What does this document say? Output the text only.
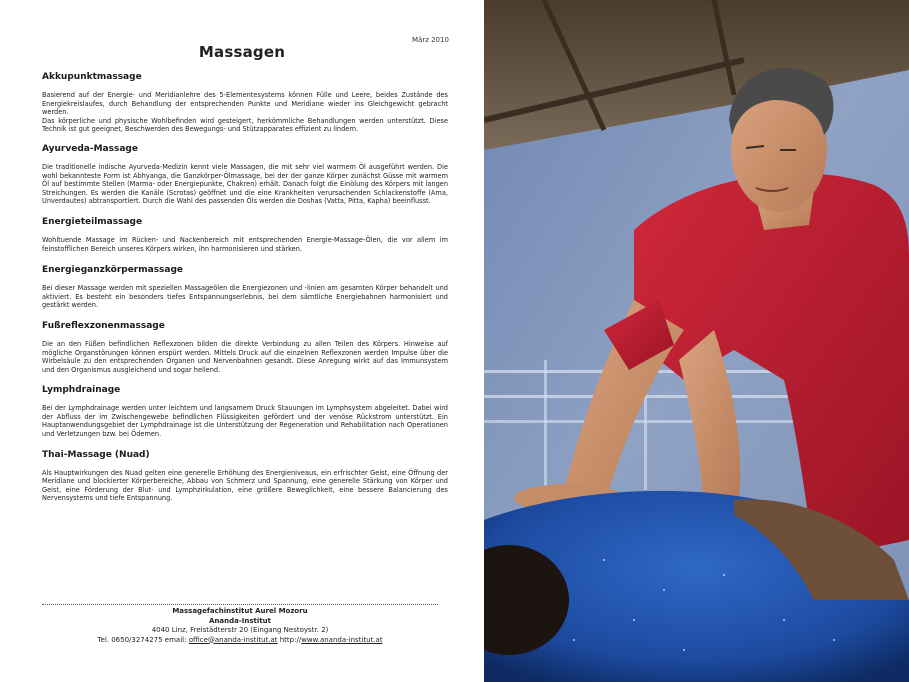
März 2010
Massagen
Akkupunktmassage

Basierend auf der Energie- und Meridianlehre des 5-Elementesystems können Fülle und Leere, beides Zustände des Energiekreislaufes, durch Behandlung der entsprechenden Punkte und Meridiane wieder ins Gleichgewicht gebracht werden.
Das körperliche und physische Wohlbefinden wird gesteigert, herkömmliche Behandlungen werden unterstützt. Diese Technik ist gut geeignet, Beschwerden des Bewegungs- und Stützapparates effizient zu lindern.

Ayurveda-Massage

Die traditionelle indische Ayurveda-Medizin kennt viele Massagen, die mit sehr viel warmem Öl ausgeführt werden. Die wohl bekannteste Form ist Abhyanga, die Ganzkörper-Ölmassage, bei der der ganze Körper zunächst Güsse mit warmem Öl auf bestimmte Stellen (Marma- oder Energiepunkte, Chakren) erhält. Danach folgt die Einölung des Körpers mit langen Streichungen. Es werden die Kanäle (Scrotas) geöffnet und die eine Krankheiten verursachenden Schlackenstoffe (Ama, Unverdautes) abtransportiert. Durch die Wahl des passenden Öls werden die Doshas (Vatta, Pitta, Kapha) beeinflusst.

Energieteilmassage

Wohltuende Massage im Rücken- und Nackenbereich mit entsprechenden Energie-Massage-Ölen, die vor allem im feinstofflichen Bereich unseres Körpers wirken, ihn harmonisieren und stärken.

Energieganzkörpermassage

Bei dieser Massage werden mit speziellen Massageölen die Energiezonen und -linien am gesamten Körper behandelt und aktiviert. Es besteht ein besonders tiefes Entspannungserlebnis, bei dem sämtliche Energiebahnen harmonisiert und gestärkt werden.

Fußreflexzonenmassage

Die an den Füßen befindlichen Reflexzonen bilden die direkte Verbindung zu allen Teilen des Körpers. Hinweise auf mögliche Organstörungen können erspürt werden. Mittels Druck auf die einzelnen Reflexzonen werden Impulse über die Wirbelsäule zu den entsprechenden Organen und Nervenbahnen gesandt. Diese Anregung wirkt auf das Immunsystem und den Organismus ausgleichend und sogar heilend.

Lymphdrainage

Bei der Lymphdrainage werden unter leichtem und langsamem Druck Stauungen im Lymphsystem abgeleitet. Dabei wird der Abfluss der im Zwischengewebe befindlichen Flüssigkeiten gefördert und der venöse Rückstrom unterstützt. Ein Hauptanwendungsgebiet der Lymphdrainage ist die Unterstützung der Regeneration und Rehabilitation nach Operationen und Verletzungen bzw. bei Ödemen.

Thai-Massage (Nuad)

Als Hauptwirkungen des Nuad gelten eine generelle Erhöhung des Energieniveaus, ein erfrischter Geist, eine Öffnung der Meridiane und blockierter Körperbereiche, Abbau von Schmerz und Spannung, eine generelle Stärkung von Körper und Geist, eine Förderung der Blut- und Lymphzirkulation, eine größere Beweglichkeit, eine bessere Balancierung des Nervensystems und tiefe Entspannung.

Massagefachinstitut Aurel Mozoru
Ananda-Institut
4040 Linz, Freistädterstr 20 (Eingang Nestoystr. 2)
Tel. 0650/3274275 email: office@ananda-institut.at http://www.ananda-institut.at
